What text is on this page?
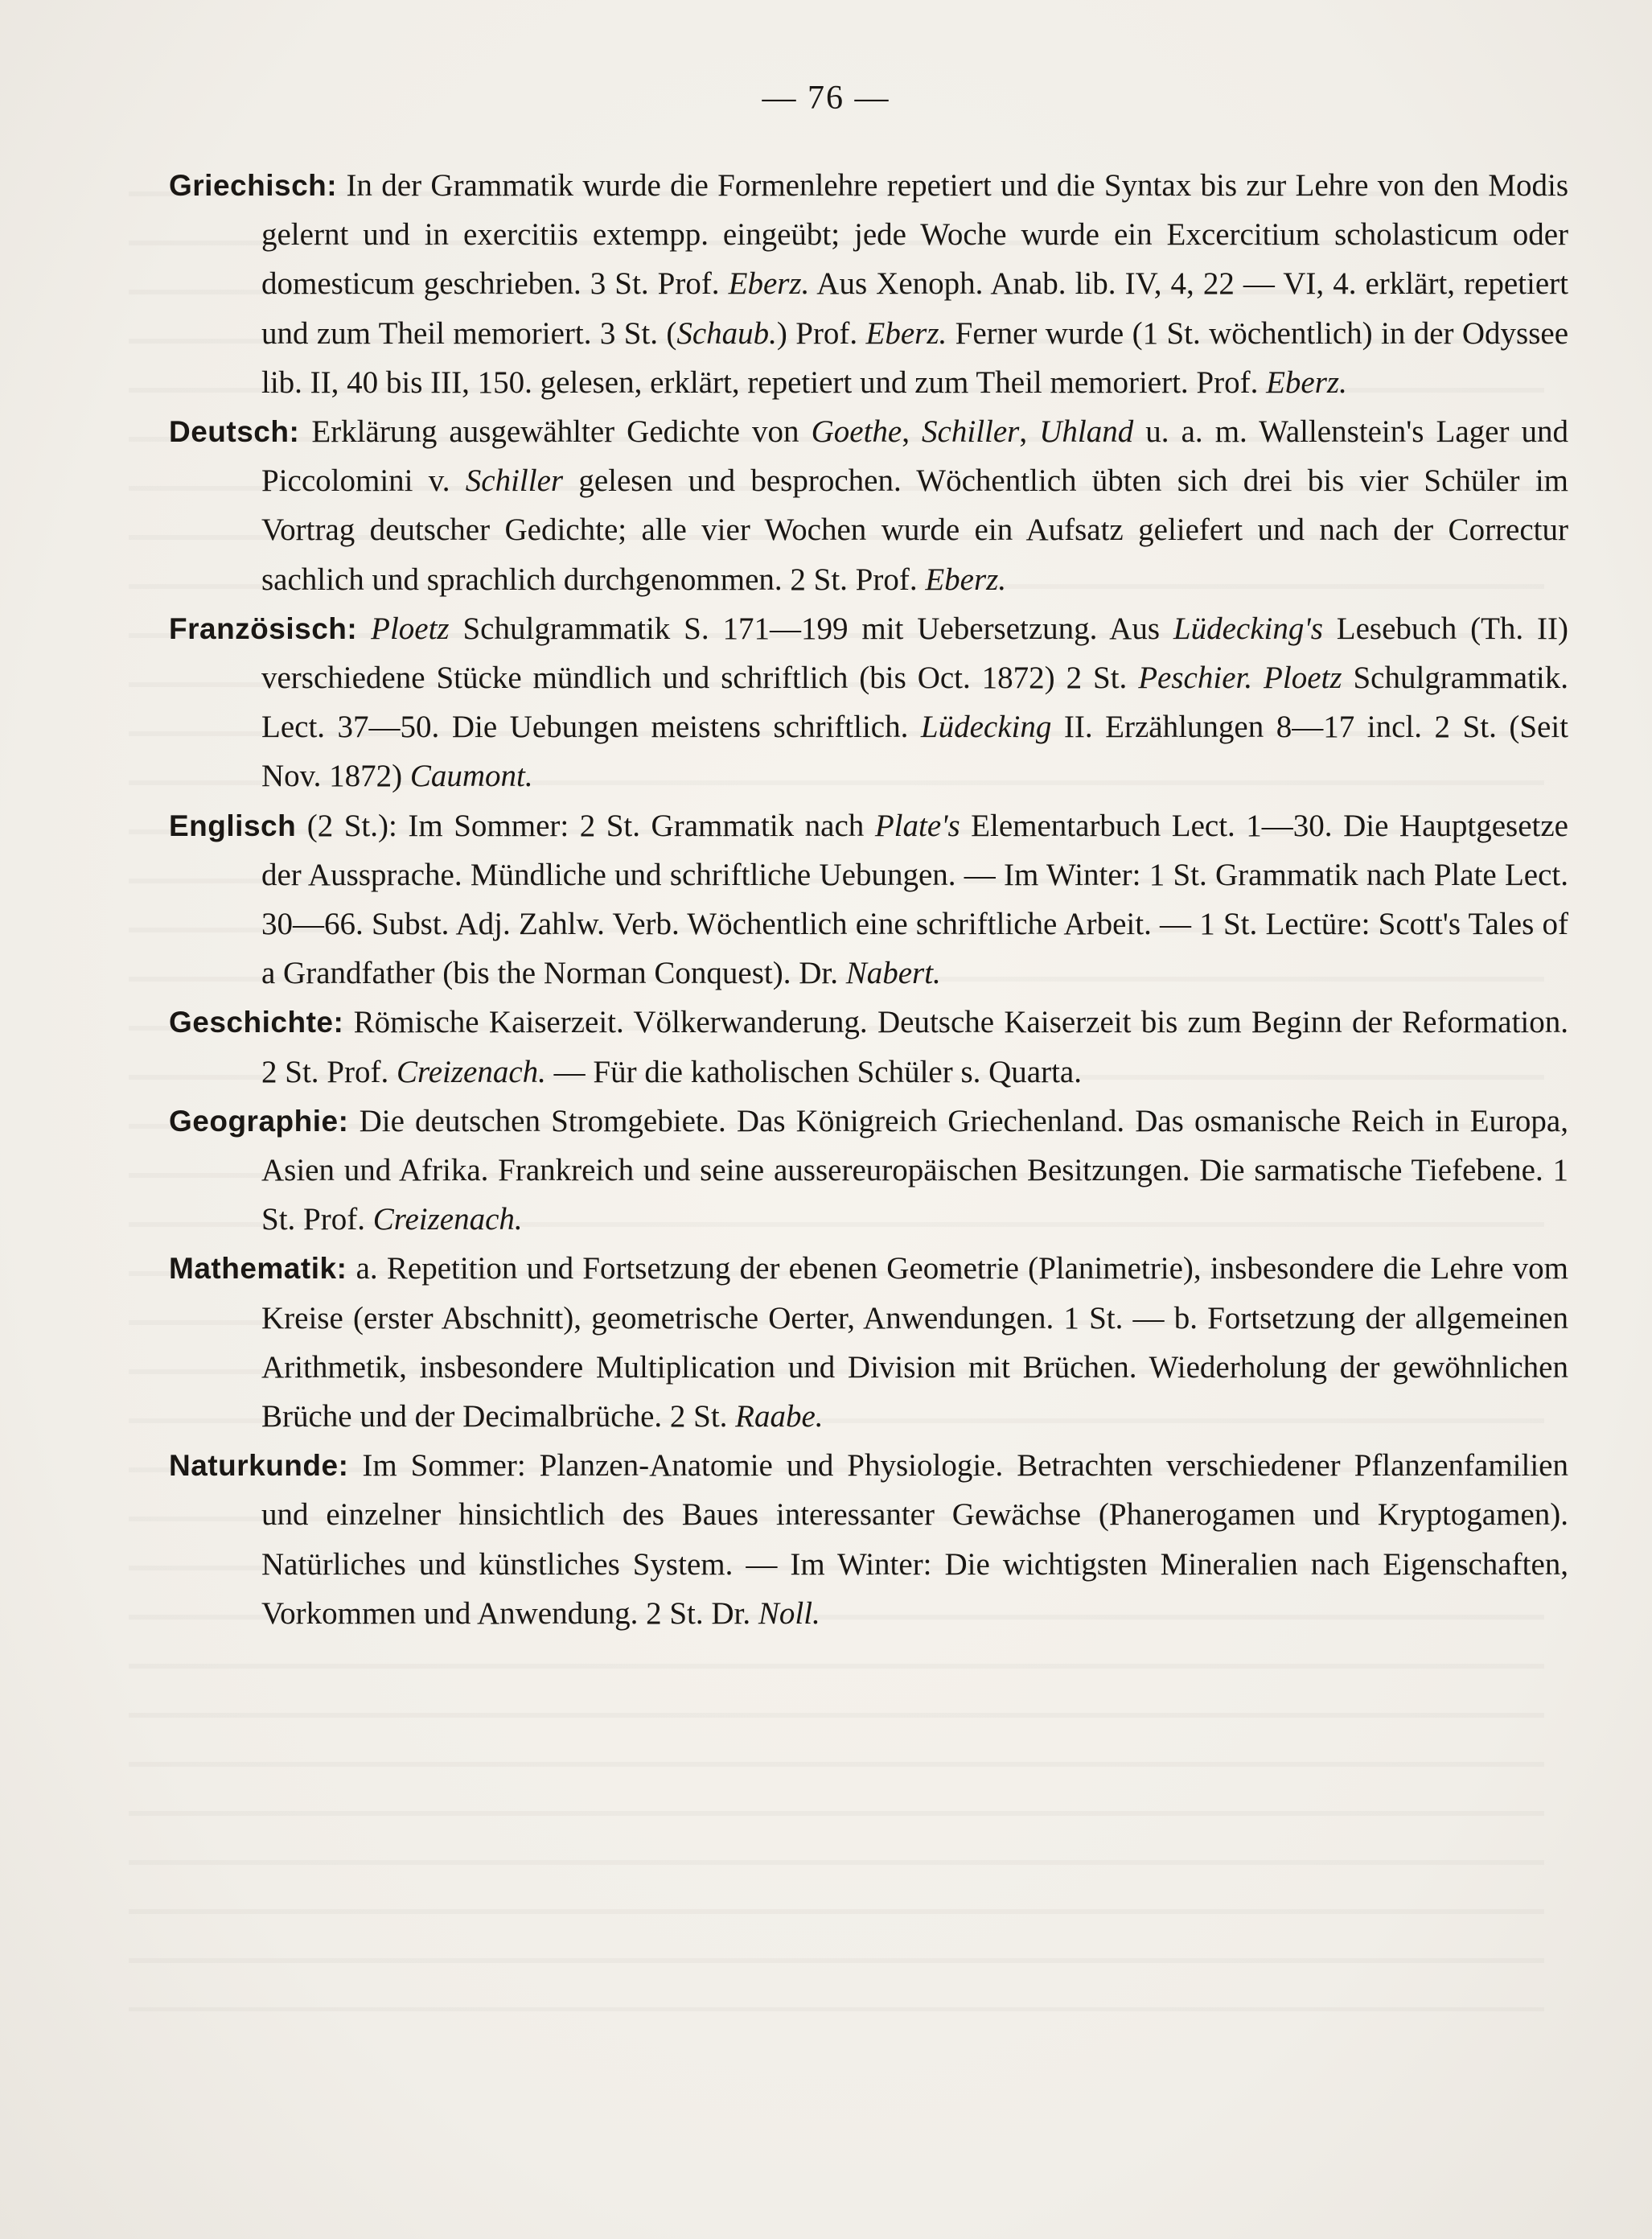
— 76 —

Griechisch: In der Grammatik wurde die Formenlehre repetiert und die Syntax bis zur Lehre von den Modis gelernt und in exercitiis extempp. eingeübt; jede Woche wurde ein Excercitium scholasticum oder domesticum geschrieben. 3 St. Prof. Eberz. Aus Xenoph. Anab. lib. IV, 4, 22 — VI, 4. erklärt, repetiert und zum Theil memoriert. 3 St. (Schaub.) Prof. Eberz. Ferner wurde (1 St. wöchentlich) in der Odyssee lib. II, 40 bis III, 150. gelesen, erklärt, repetiert und zum Theil memoriert. Prof. Eberz.

Deutsch: Erklärung ausgewählter Gedichte von Goethe, Schiller, Uhland u. a. m. Wallenstein's Lager und Piccolomini v. Schiller gelesen und besprochen. Wöchentlich übten sich drei bis vier Schüler im Vortrag deutscher Gedichte; alle vier Wochen wurde ein Aufsatz geliefert und nach der Correctur sachlich und sprachlich durchgenommen. 2 St. Prof. Eberz.

Französisch: Ploetz Schulgrammatik S. 171—199 mit Uebersetzung. Aus Lüdecking's Lesebuch (Th. II) verschiedene Stücke mündlich und schriftlich (bis Oct. 1872) 2 St. Peschier. Ploetz Schulgrammatik. Lect. 37—50. Die Uebungen meistens schriftlich. Lüdecking II. Erzählungen 8—17 incl. 2 St. (Seit Nov. 1872) Caumont.

Englisch (2 St.): Im Sommer: 2 St. Grammatik nach Plate's Elementarbuch Lect. 1—30. Die Hauptgesetze der Aussprache. Mündliche und schriftliche Uebungen. — Im Winter: 1 St. Grammatik nach Plate Lect. 30—66. Subst. Adj. Zahlw. Verb. Wöchentlich eine schriftliche Arbeit. — 1 St. Lectüre: Scott's Tales of a Grandfather (bis the Norman Conquest). Dr. Nabert.

Geschichte: Römische Kaiserzeit. Völkerwanderung. Deutsche Kaiserzeit bis zum Beginn der Reformation. 2 St. Prof. Creizenach. — Für die katholischen Schüler s. Quarta.

Geographie: Die deutschen Stromgebiete. Das Königreich Griechenland. Das osmanische Reich in Europa, Asien und Afrika. Frankreich und seine aussereuropäischen Besitzungen. Die sarmatische Tiefebene. 1 St. Prof. Creizenach.

Mathematik: a. Repetition und Fortsetzung der ebenen Geometrie (Planimetrie), insbesondere die Lehre vom Kreise (erster Abschnitt), geometrische Oerter, Anwendungen. 1 St. — b. Fortsetzung der allgemeinen Arithmetik, insbesondere Multiplication und Division mit Brüchen. Wiederholung der gewöhnlichen Brüche und der Decimalbrüche. 2 St. Raabe.

Naturkunde: Im Sommer: Planzen-Anatomie und Physiologie. Betrachten verschiedener Pflanzenfamilien und einzelner hinsichtlich des Baues interessanter Gewächse (Phanerogamen und Kryptogamen). Natürliches und künstliches System. — Im Winter: Die wichtigsten Mineralien nach Eigenschaften, Vorkommen und Anwendung. 2 St. Dr. Noll.
